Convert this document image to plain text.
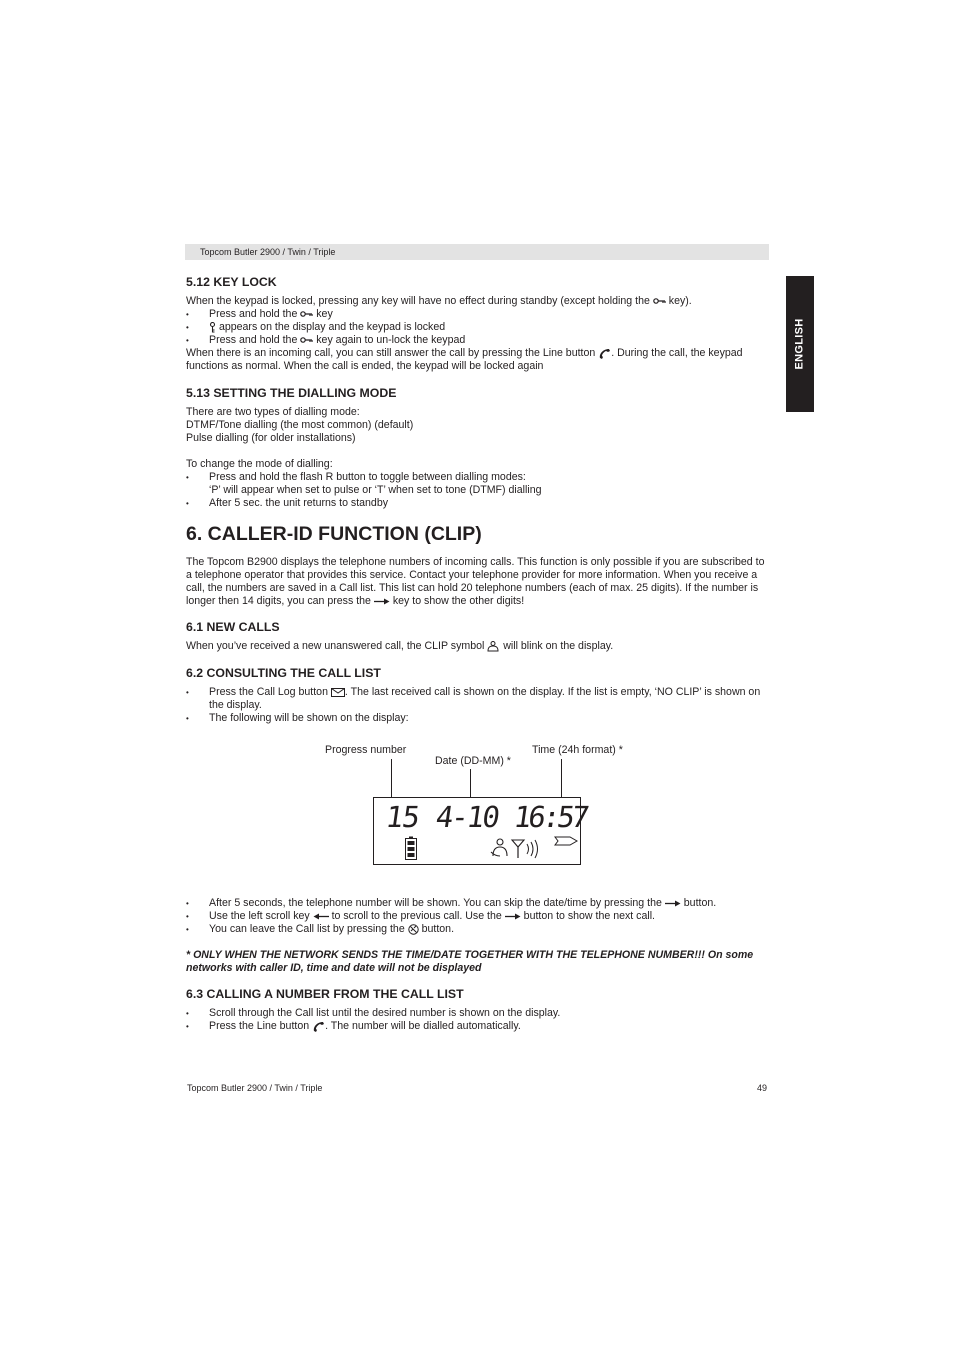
Topcom Butler 2900 / Twin / Triple
ENGLISH
5.12 KEY LOCK

When the keypad is locked, pressing any key will have no effect during standby (except holding the key).

• Press and hold the key

• appears on the display and the keypad is locked

• Press and hold the key again to un-lock the keypad

When there is an incoming call, you can still answer the call by pressing the Line button . During the call, the keypad functions as normal. When the call is ended, the keypad will be locked again

5.13 SETTING THE DIALLING MODE

There are two types of dialling mode:

DTMF/Tone dialling (the most common) (default)

Pulse dialling (for older installations)

To change the mode of dialling:

• Press and hold the flash R button to toggle between dialling modes:

‘P’ will appear when set to pulse or ‘T’ when set to tone (DTMF) dialling

• After 5 sec. the unit returns to standby

6. CALLER-ID FUNCTION (CLIP)

The Topcom B2900 displays the telephone numbers of incoming calls. This function is only possible if you are subscribed to a telephone operator that provides this service. Contact your telephone provider for more information. When you receive a call, the numbers are saved in a Call list. This list can hold 20 telephone numbers (each of max. 25 digits). If the number is longer then 14 digits, you can press the key to show the other digits!

6.1 NEW CALLS

When you’ve received a new unanswered call, the CLIP symbol will blink on the display.

6.2 CONSULTING THE CALL LIST

• Press the Call Log button . The last received call is shown on the display. If the list is empty, ‘NO CLIP’ is shown on the display.

• The following will be shown on the display:

Progress number
Date (DD-MM) *
Time (24h format) *
15 4-10 16:57

• After 5 seconds, the telephone number will be shown. You can skip the date/time by pressing the button.

• Use the left scroll key to scroll to the previous call. Use the button to show the next call.

• You can leave the Call list by pressing the button.

* ONLY WHEN THE NETWORK SENDS THE TIME/DATE TOGETHER WITH THE TELEPHONE NUMBER!!! On some networks with caller ID, time and date will not be displayed

6.3 CALLING A NUMBER FROM THE CALL LIST

• Scroll through the Call list until the desired number is shown on the display.

• Press the Line button . The number will be dialled automatically.

Topcom Butler 2900 / Twin / Triple	49
